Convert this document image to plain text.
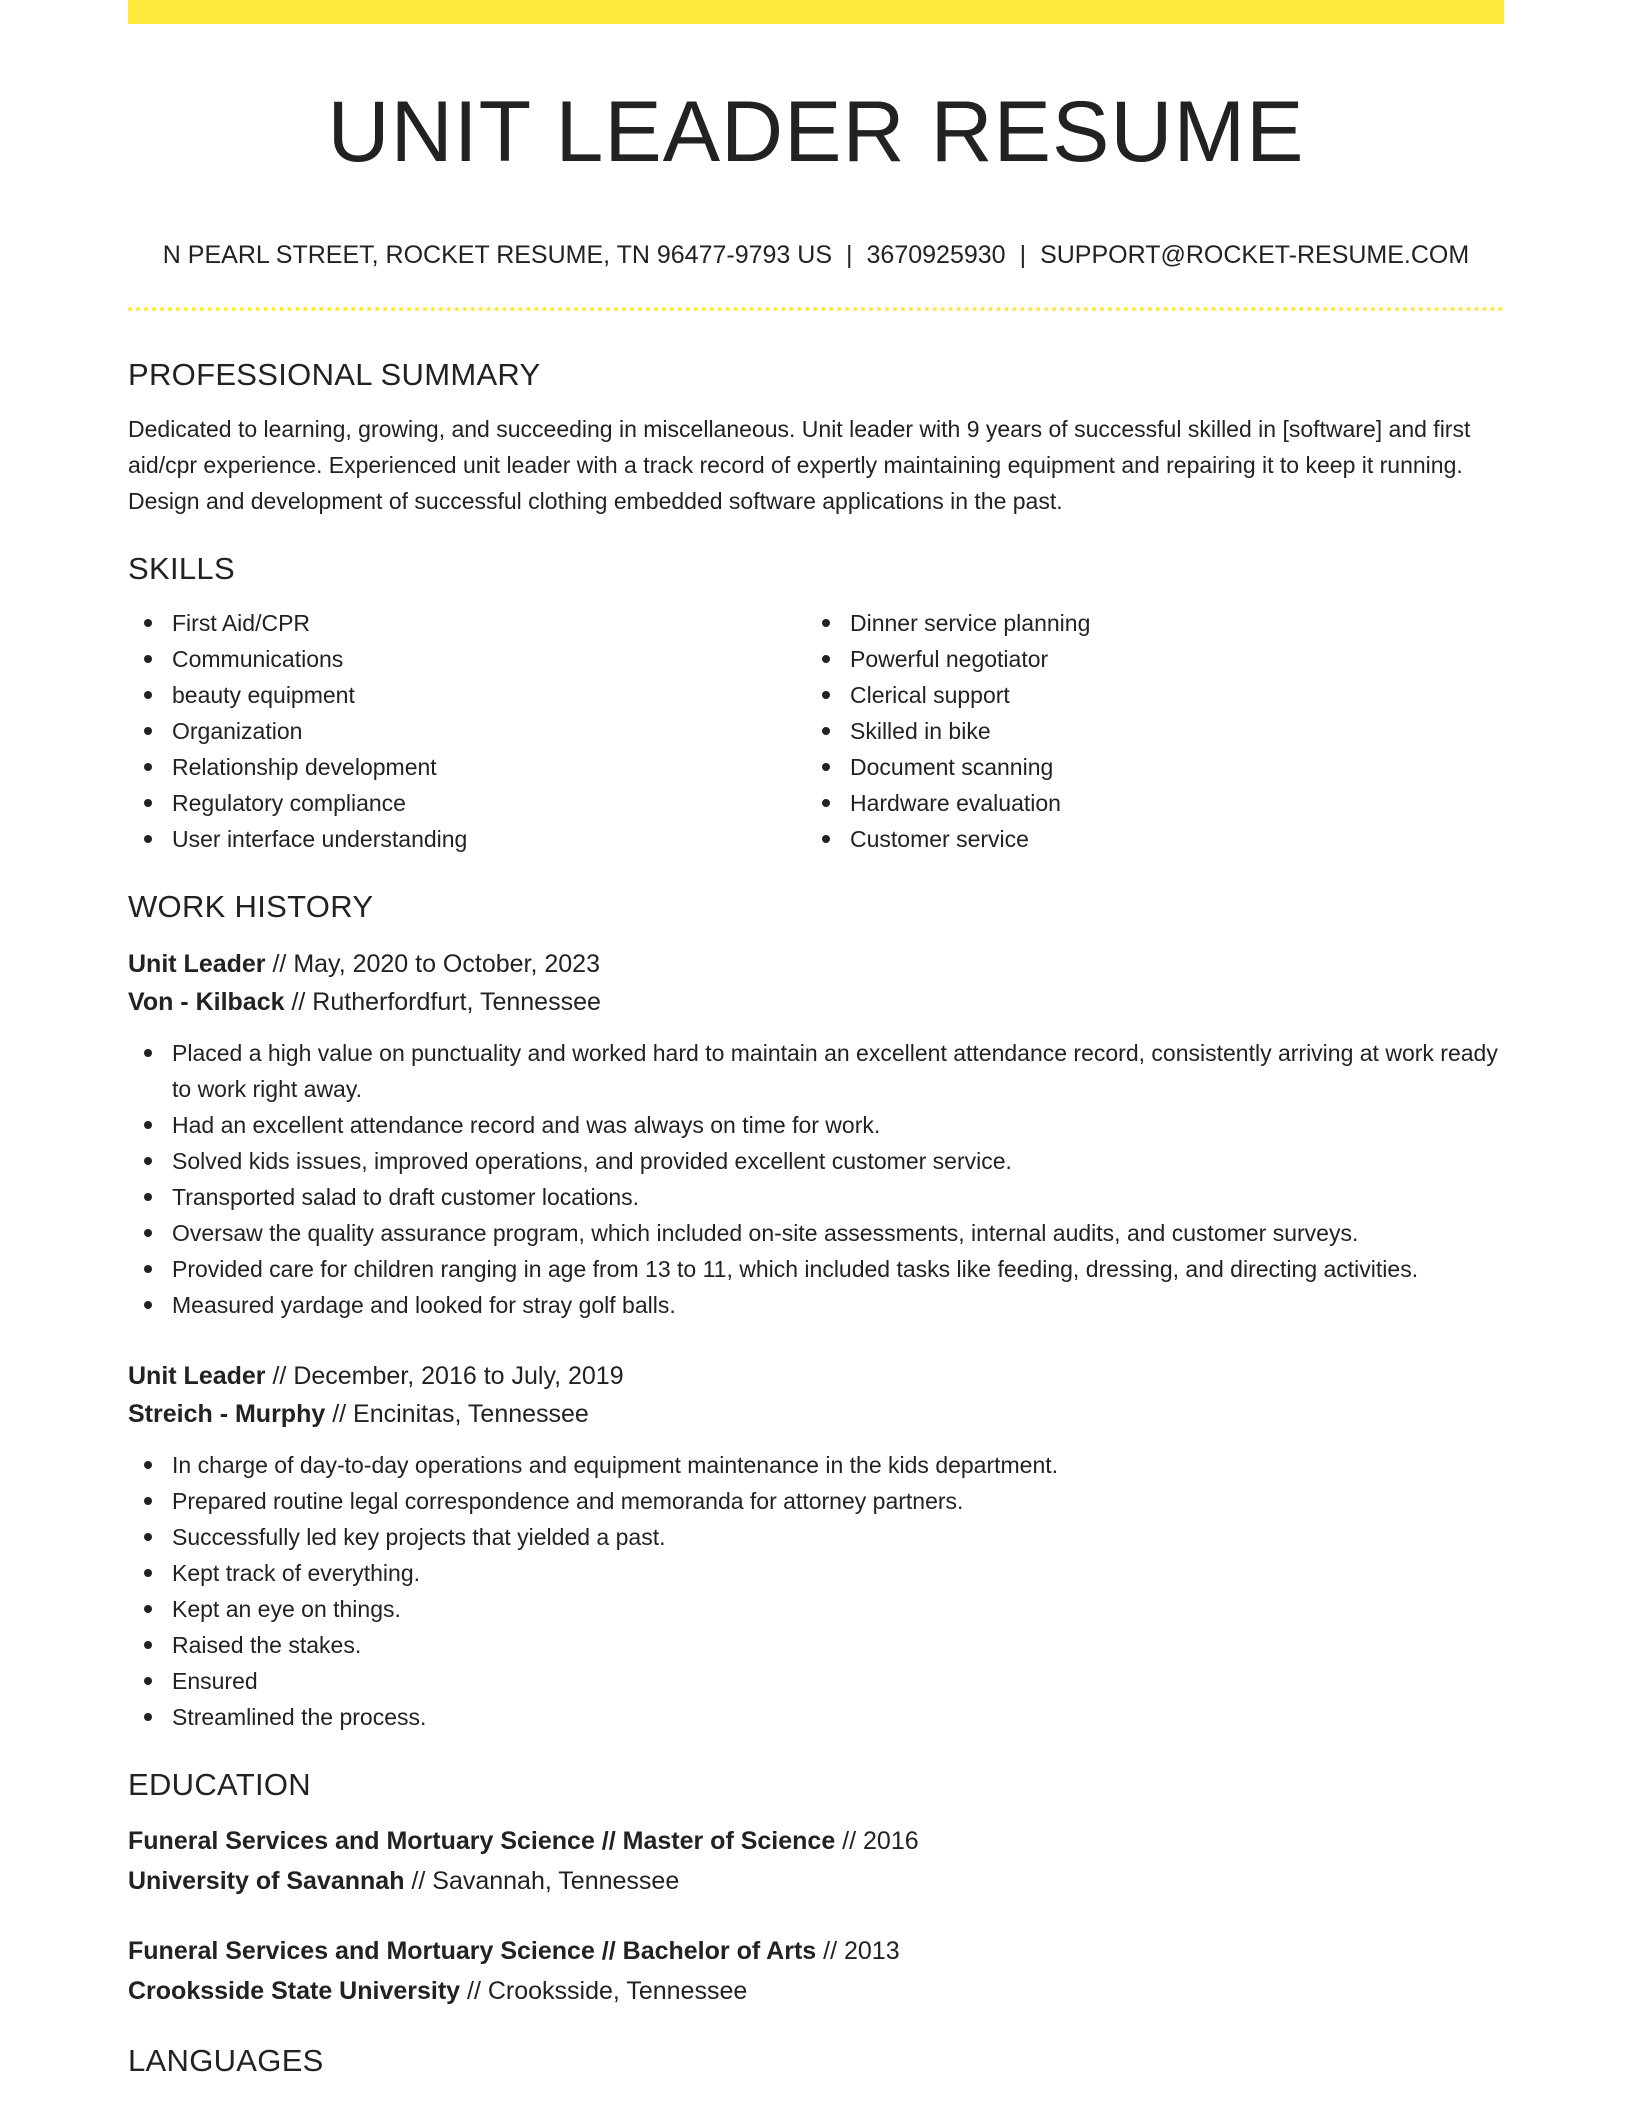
UNIT LEADER RESUME
N PEARL STREET, ROCKET RESUME, TN 96477-9793 US | 3670925930 | SUPPORT@ROCKET-RESUME.COM
PROFESSIONAL SUMMARY

Dedicated to learning, growing, and succeeding in miscellaneous. Unit leader with 9 years of successful skilled in [software] and first aid/cpr experience. Experienced unit leader with a track record of expertly maintaining equipment and repairing it to keep it running. Design and development of successful clothing embedded software applications in the past.

SKILLS
First Aid/CPR
Communications
beauty equipment
Organization
Relationship development
Regulatory compliance
User interface understanding
Dinner service planning
Powerful negotiator
Clerical support
Skilled in bike
Document scanning
Hardware evaluation
Customer service
WORK HISTORY
Unit Leader // May, 2020 to October, 2023
Von - Kilback // Rutherfordfurt, Tennessee
Placed a high value on punctuality and worked hard to maintain an excellent attendance record, consistently arriving at work ready to work right away.
Had an excellent attendance record and was always on time for work.
Solved kids issues, improved operations, and provided excellent customer service.
Transported salad to draft customer locations.
Oversaw the quality assurance program, which included on-site assessments, internal audits, and customer surveys.
Provided care for children ranging in age from 13 to 11, which included tasks like feeding, dressing, and directing activities.
Measured yardage and looked for stray golf balls.
Unit Leader // December, 2016 to July, 2019
Streich - Murphy // Encinitas, Tennessee
In charge of day-to-day operations and equipment maintenance in the kids department.
Prepared routine legal correspondence and memoranda for attorney partners.
Successfully led key projects that yielded a past.
Kept track of everything.
Kept an eye on things.
Raised the stakes.
Ensured
Streamlined the process.
EDUCATION
Funeral Services and Mortuary Science // Master of Science // 2016
University of Savannah // Savannah, Tennessee
Funeral Services and Mortuary Science // Bachelor of Arts // 2013
Crooksside State University // Crooksside, Tennessee
LANGUAGES
